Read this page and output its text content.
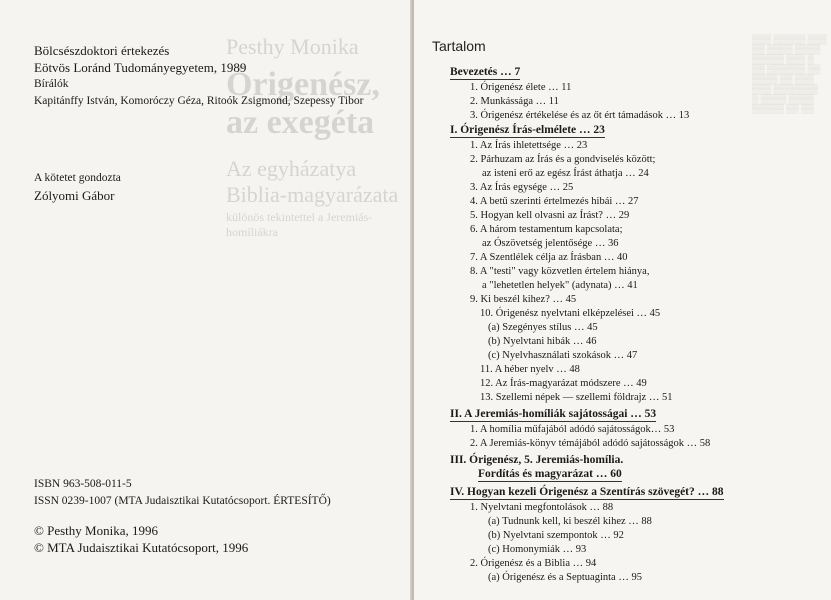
Pesthy Monika
Órigenész, az exegéta
Az egyházatya Biblia-magyarázata
különös tekintettel a Jeremiás-homíliákra
Bölcsészdoktori értekezés
Eötvös Loránd Tudományegyetem, 1989
Bírálók
Kapitánffy István, Komoróczy Géza, Ritoók Zsigmond, Szepessy Tibor
A kötetet gondozta
Zólyomi Gábor
ISBN 963-508-011-5
ISSN 0239-1007 (MTA Judaisztikai Kutatócsoport. ÉRTESÍTŐ)
© Pesthy Monika, 1996
© MTA Judaisztikai Kutatócsoport, 1996
▒▒▒ ▒▒▒▒▒ ▒▒▒
▒▒ ▒▒▒▒ ▒▒▒▒
▒▒▒▒▒ ▒▒▒ ▒
▒▒ ▒▒▒▒▒▒ ▒▒
▒▒▒▒ ▒▒ ▒▒▒
▒▒▒ ▒▒▒▒▒▒▒
▒ ▒▒▒▒ ▒▒▒▒
▒▒▒▒▒ ▒▒ ▒▒
Tartalom
Bevezetés … 7
1. Órigenész élete … 11
2. Munkássága … 11
3. Órigenész értékelése és az őt ért támadások … 13
I. Órigenész Írás-elmélete … 23
1. Az Írás ihletettsége … 23
2. Párhuzam az Írás és a gondviselés között;
az isteni erő az egész Írást áthatja … 24
3. Az Írás egysége … 25
4. A betű szerinti értelmezés hibái … 27
5. Hogyan kell olvasni az Írást? … 29
6. A három testamentum kapcsolata;
az Ószövetség jelentősége … 36
7. A Szentlélek célja az Írásban … 40
8. A "testi" vagy közvetlen értelem hiánya,
a "lehetetlen helyek" (adynata) … 41
9. Ki beszél kihez? … 45
10. Órigenész nyelvtani elképzelései … 45
(a) Szegényes stílus … 45
(b) Nyelvtani hibák … 46
(c) Nyelvhasználati szokások … 47
11. A héber nyelv … 48
12. Az Írás-magyarázat módszere … 49
13. Szellemi népek — szellemi földrajz … 51
II. A Jeremiás-homíliák sajátosságai … 53
1. A homília műfajából adódó sajátosságok… 53
2. A Jeremiás-könyv témájából adódó sajátosságok … 58
III. Órigenész, 5. Jeremiás-homília.
Fordítás és magyarázat … 60
IV. Hogyan kezeli Órigenész a Szentírás szövegét? … 88
1. Nyelvtani megfontolások … 88
(a) Tudnunk kell, ki beszél kihez … 88
(b) Nyelvtani szempontok … 92
(c) Homonymiák … 93
2. Órigenész és a Biblia … 94
(a) Órigenész és a Septuaginta … 95
